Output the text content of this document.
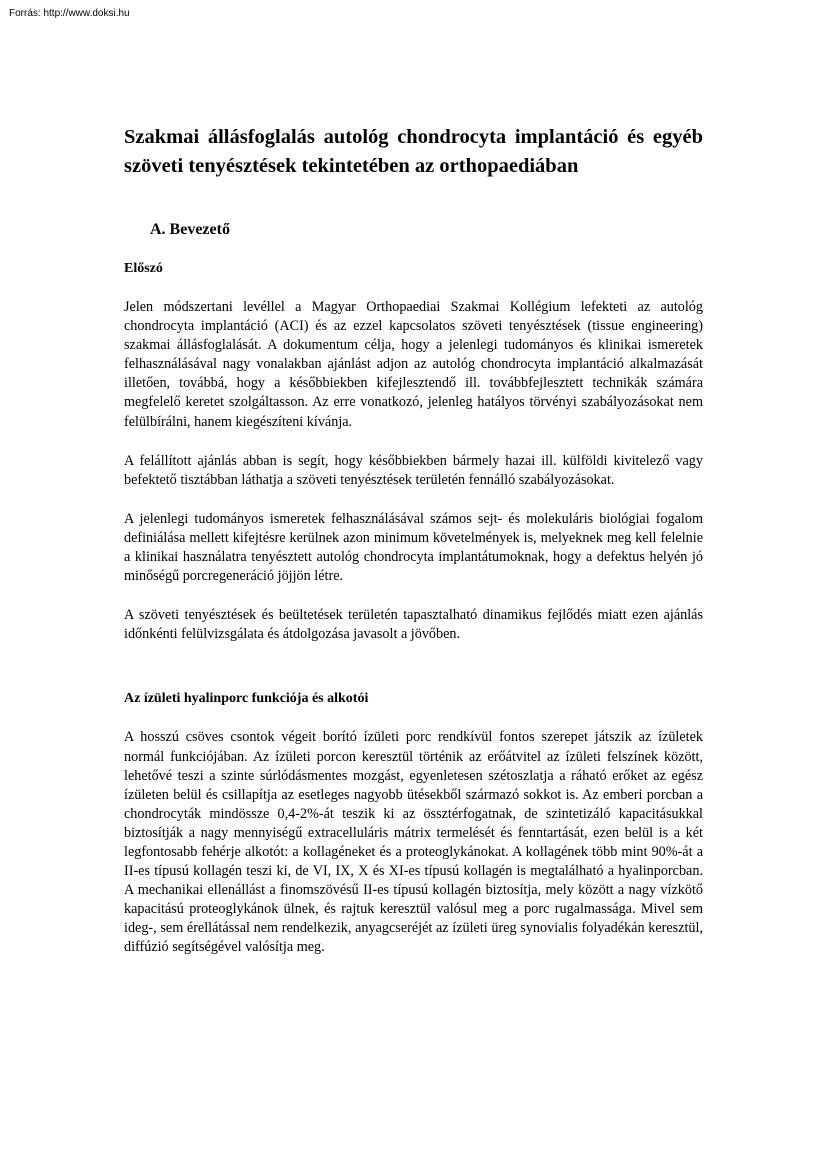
Forrás: http://www.doksi.hu
Szakmai állásfoglalás autológ chondrocyta implantáció és egyéb szöveti tenyésztések tekintetében az orthopaediában
A. Bevezető
Előszó

Jelen módszertani levéllel a Magyar Orthopaediai Szakmai Kollégium lefekteti az autológ chondrocyta implantáció (ACI) és az ezzel kapcsolatos szöveti tenyésztések (tissue engineering) szakmai állásfoglalását. A dokumentum célja, hogy a jelenlegi tudományos és klinikai ismeretek felhasználásával nagy vonalakban ajánlást adjon az autológ chondrocyta implantáció alkalmazását illetően, továbbá, hogy a későbbiekben kifejlesztendő ill. továbbfejlesztett technikák számára megfelelő keretet szolgáltasson. Az erre vonatkozó, jelenleg hatályos törvényi szabályozásokat nem felülbírálni, hanem kiegészíteni kívánja.

A felállított ajánlás abban is segít, hogy későbbiekben bármely hazai ill. külföldi kivitelező vagy befektető tisztábban láthatja a szöveti tenyésztések területén fennálló szabályozásokat.

A jelenlegi tudományos ismeretek felhasználásával számos sejt- és molekuláris biológiai fogalom definiálása mellett kifejtésre kerülnek azon minimum követelmények is, melyeknek meg kell felelnie a klinikai használatra tenyésztett autológ chondrocyta implantátumoknak, hogy a defektus helyén jó minőségű porcregeneráció jöjjön létre.

A szöveti tenyésztések és beültetések területén tapasztalható dinamikus fejlődés miatt ezen ajánlás időnkénti felülvizsgálata és átdolgozása javasolt a jövőben.

Az ízületi hyalinporc funkciója és alkotói

A hosszú csöves csontok végeit borító ízületi porc rendkívül fontos szerepet játszik az ízületek normál funkciójában. Az ízületi porcon keresztül történik az erőátvitel az ízületi felszínek között, lehetővé teszi a szinte súrlódásmentes mozgást, egyenletesen szétoszlatja a ráható erőket az egész ízületen belül és csillapítja az esetleges nagyobb ütésekből származó sokkot is. Az emberi porcban a chondrocyták mindössze 0,4-2%-át teszik ki az össztérfogatnak, de szintetizáló kapacitásukkal biztosítják a nagy mennyiségű extracelluláris mátrix termelését és fenntartását, ezen belül is a két legfontosabb fehérje alkotót: a kollagéneket és a proteoglykánokat. A kollagének több mint 90%-át a II-es típusú kollagén teszi ki, de VI, IX, X és XI-es típusú kollagén is megtalálható a hyalinporcban. A mechanikai ellenállást a finomszövésű II-es típusú kollagén biztosítja, mely között a nagy vízkötő kapacitású proteoglykánok ülnek, és rajtuk keresztül valósul meg a porc rugalmassága. Mivel sem ideg-, sem érellátással nem rendelkezik, anyagcseréjét az ízületi üreg synovialis folyadékán keresztül, diffúzió segítségével valósítja meg.
